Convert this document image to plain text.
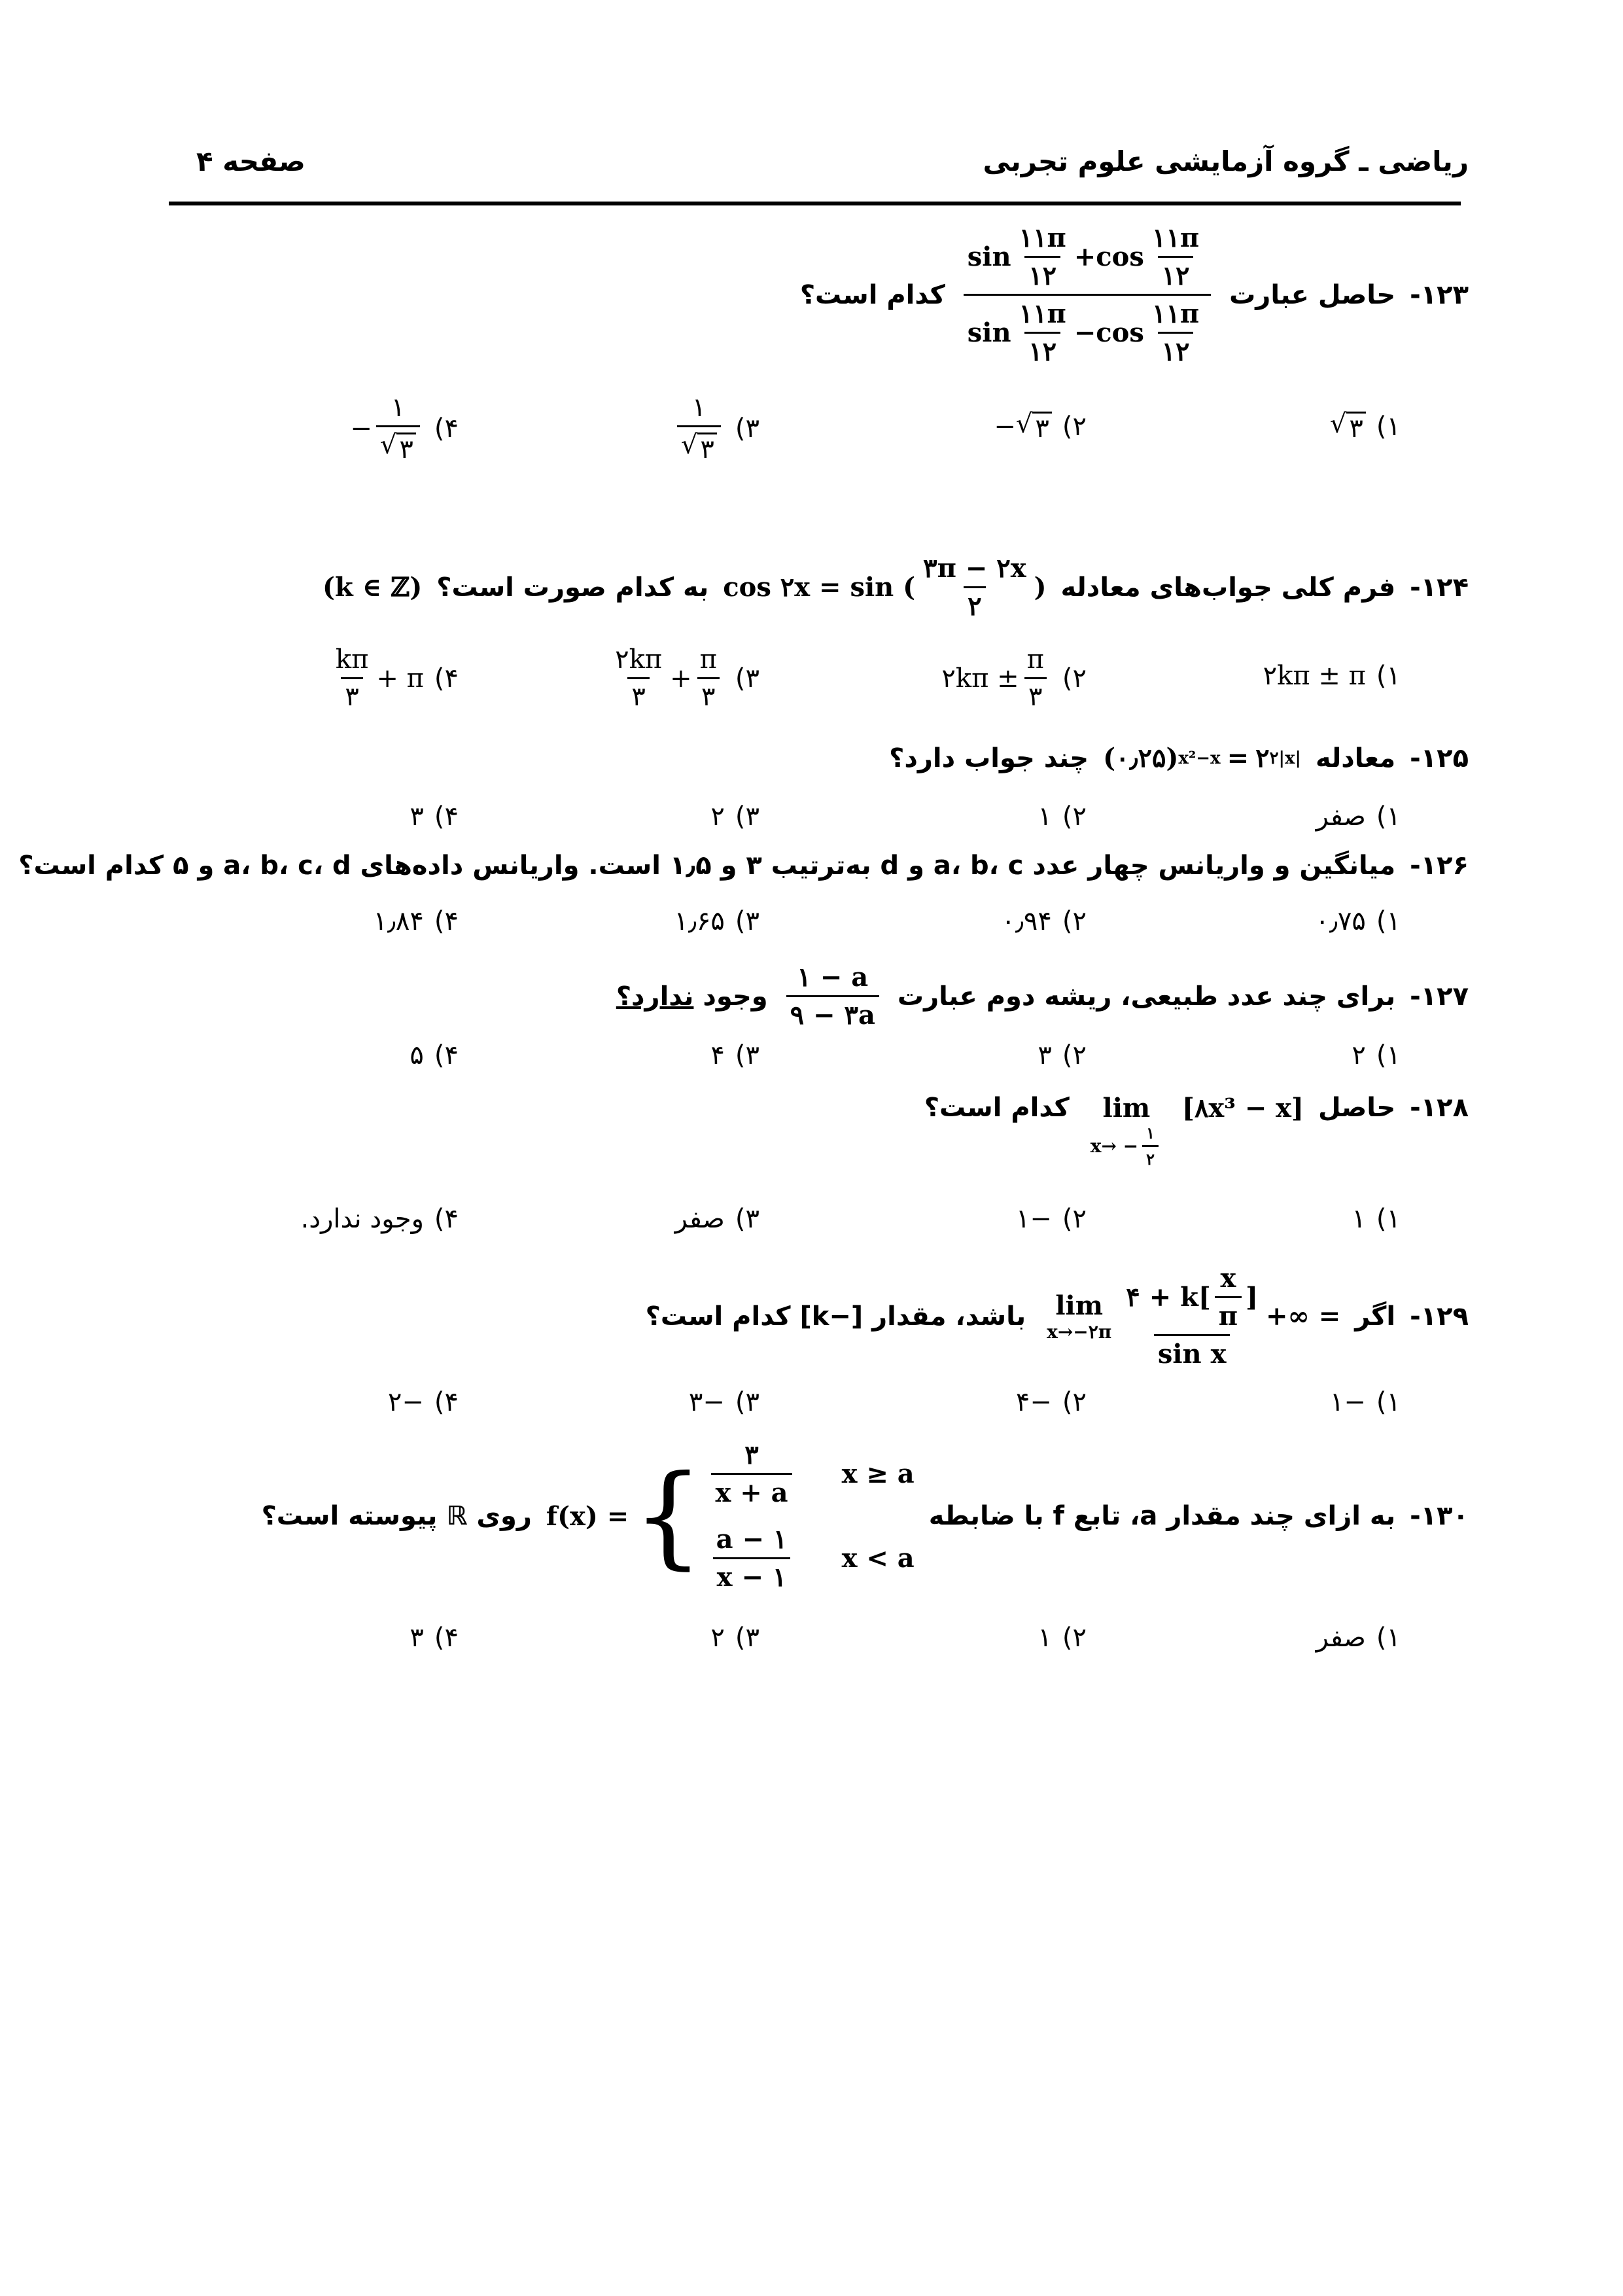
ریاضی ـ گروه آزمایشی علوم تجربی
صفحه ۴
۱۲۳-
حاصل عبارت
$\sin \frac{۱۱\pi}{۱۲} + \cos \frac{۱۱\pi}{۱۲}$
$\sin \frac{۱۱\pi}{۱۲} - \cos \frac{۱۱\pi}{۱۲}$
کدام است؟
۱)
√ ۳
۲)
− √ ۳
۳)
$\frac{۱}{√ ۳}$
۴)
− $\frac{۱}{√ ۳}$
۱۲۴-
فرم کلی جواب‌های معادله
cos ۲x = sin ( $\frac{۳\pi - ۲x}{۲}$ )
به کدام صورت است؟
(k ∈ ℤ)
۱)
۲kπ ± π
۲)
۲kπ ± $\frac{\pi}{۳}$
۳)
$\frac{۲k\pi}{۳} + \frac{\pi}{۳}$
۴)
$\frac{k\pi}{۳} + \pi$
۱۲۵-
معادله
(۰٫۲۵) x²−x = ۲ ۲|x|
چند جواب دارد؟
۱)
صفر
۲)
۱
۳)
۲
۴)
۳
۱۲۶-
میانگین و واریانس چهار عدد a، b، c و d به‌ترتیب ۳ و ۱٫۵ است. واریانس داده‌های a، b، c، d و ۵ کدام است؟
۱)
۰٫۷۵
۲)
۰٫۹۴
۳)
۱٫۶۵
۴)
۱٫۸۴
۱۲۷-
برای چند عدد طبیعی، ریشه دوم عبارت
$\frac{۱ - a}{۹ - ۳a}$
وجود ندارد؟
۱)
۲
۲)
۳
۳)
۴
۴)
۵
۱۲۸-
حاصل
lim
$x\to - \frac{۱}{۲}$
[۸x³ − x]
کدام است؟
۱)
۱
۲)
−۱
۳)
صفر
۴)
وجود ندارد.
۱۲۹-
اگر
lim
x→−۲π $\frac{۴ + k[ \frac{x}{\pi} ]}{\text{sin x}}$ +∞ =
باشد، مقدار [−k] کدام است؟
۱)
−۱
۲)
−۴
۳)
−۳
۴)
−۲
۱۳۰-
به ازای چند مقدار a، تابع f با ضابطه
$\frac{۳}{x + a}$ x ≥ a
$\frac{a - ۱}{x - ۱}$ x < a
{
f(x) =
روی ℝ پیوسته است؟
۱)
صفر
۲)
۱
۳)
۲
۴)
۳
